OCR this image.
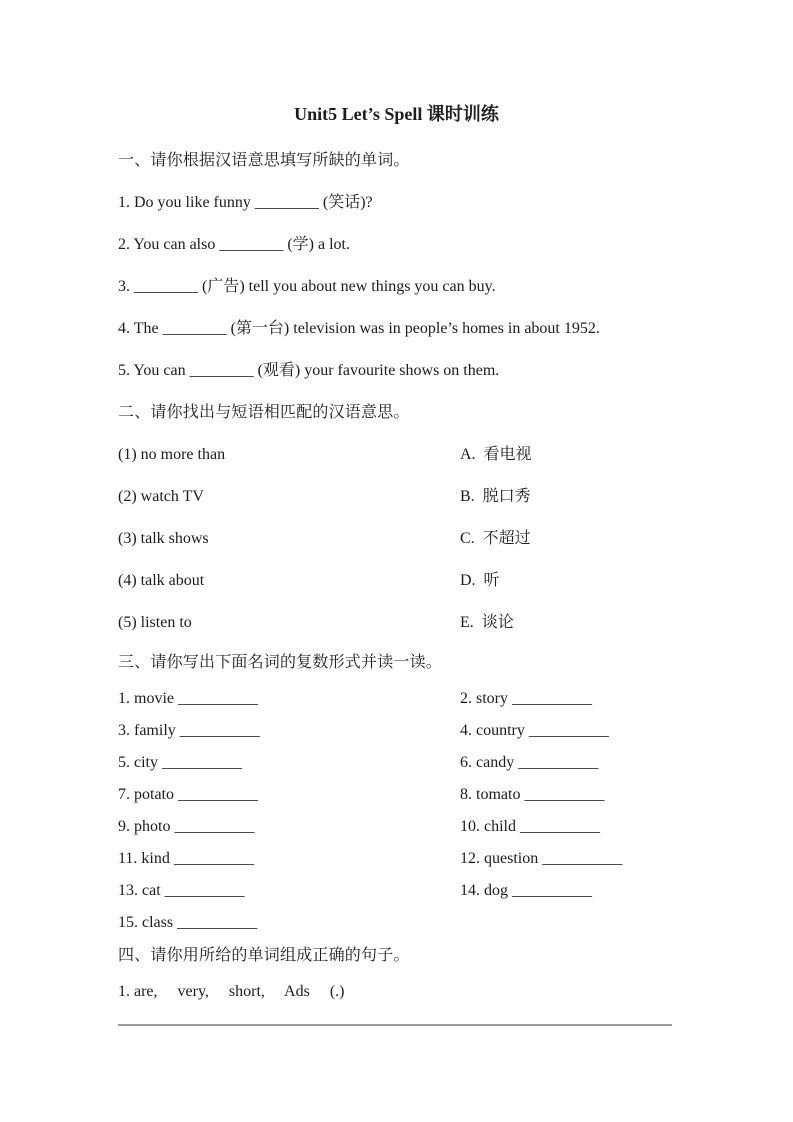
Unit5 Let’s Spell 课时训练

一、请你根据汉语意思填写所缺的单词。

1. Do you like funny ________ (笑话)?

2. You can also ________ (学) a lot.

3. ________ (广告) tell you about new things you can buy.

4. The ________ (第一台) television was in people’s homes in about 1952.

5. You can ________ (观看) your favourite shows on them.

二、请你找出与短语相匹配的汉语意思。

(1) no more than	A.  看电视
(2) watch TV	B.  脱口秀
(3) talk shows	C.  不超过
(4) talk about	D.  听
(5) listen to	E.  谈论

三、请你写出下面名词的复数形式并读一读。

1. movie __________	2. story __________
3. family __________	4. country __________
5. city __________	6. candy __________
7. potato __________	8. tomato __________
9. photo __________	10. child __________
11. kind __________	12. question __________
13. cat __________	14. dog __________
15. class __________

四、请你用所给的单词组成正确的句子。

1. are,     very,     short,     Ads     (.)
